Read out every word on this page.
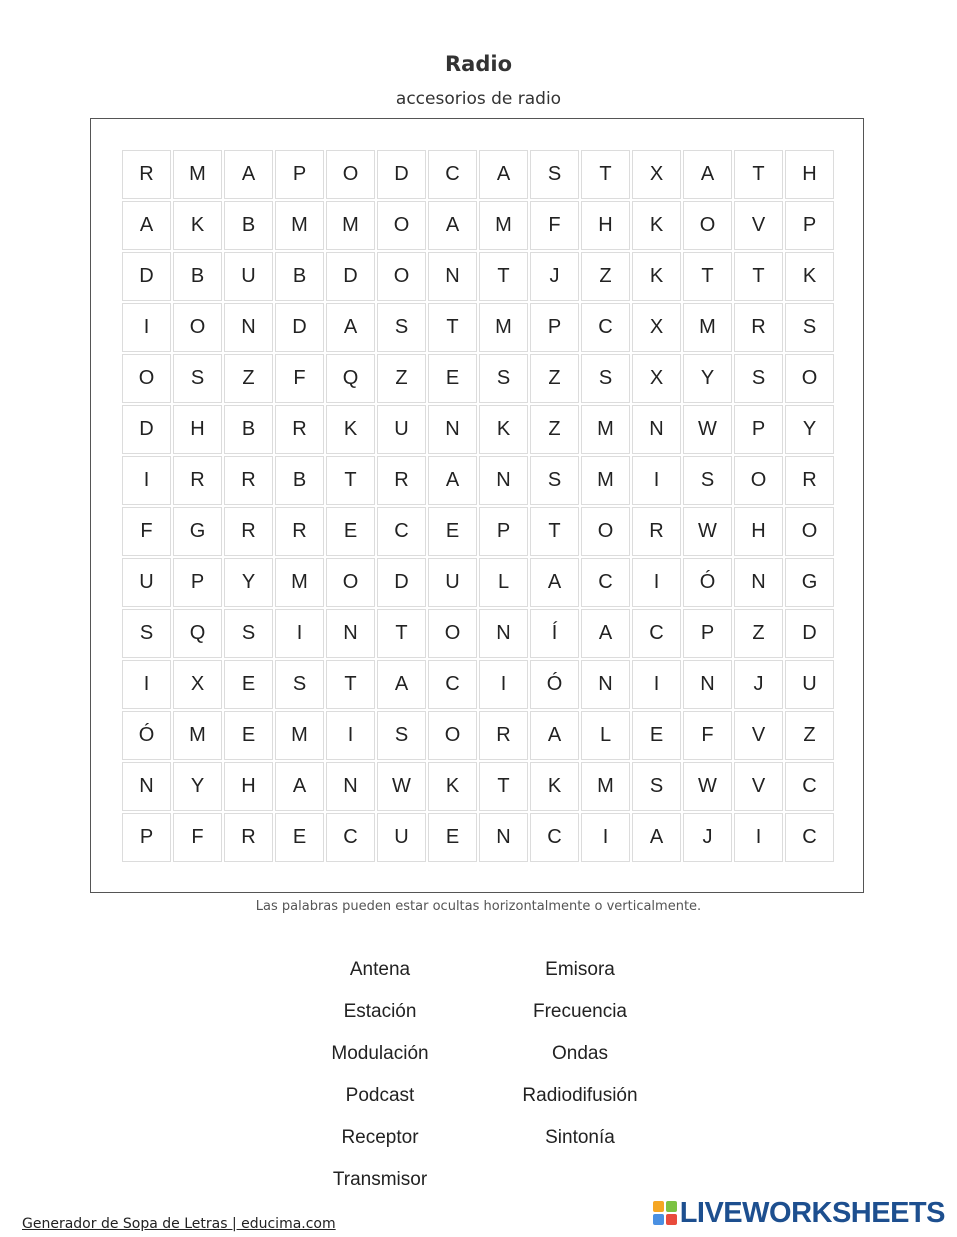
Radio
accesorios de radio
R	M	A	P	O	D	C	A	S	T	X	A	T	H
A	K	B	M	M	O	A	M	F	H	K	O	V	P
D	B	U	B	D	O	N	T	J	Z	K	T	T	K
I	O	N	D	A	S	T	M	P	C	X	M	R	S
O	S	Z	F	Q	Z	E	S	Z	S	X	Y	S	O
D	H	B	R	K	U	N	K	Z	M	N	W	P	Y
I	R	R	B	T	R	A	N	S	M	I	S	O	R
F	G	R	R	E	C	E	P	T	O	R	W	H	O
U	P	Y	M	O	D	U	L	A	C	I	Ó	N	G
S	Q	S	I	N	T	O	N	Í	A	C	P	Z	D
I	X	E	S	T	A	C	I	Ó	N	I	N	J	U
Ó	M	E	M	I	S	O	R	A	L	E	F	V	Z
N	Y	H	A	N	W	K	T	K	M	S	W	V	C
P	F	R	E	C	U	E	N	C	I	A	J	I	C
Las palabras pueden estar ocultas horizontalmente o verticalmente.
Antena	Emisora
Estación	Frecuencia
Modulación	Ondas
Podcast	Radiodifusión
Receptor	Sintonía
Transmisor
Generador de Sopa de Letras | educima.com	LIVEWORKSHEETS
